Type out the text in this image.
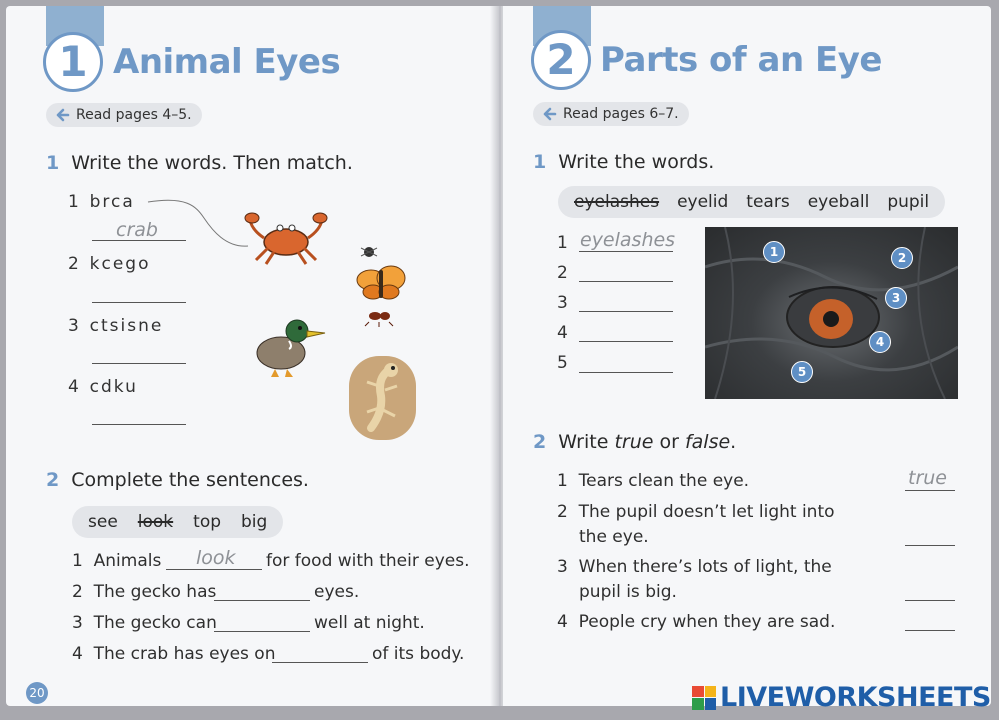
1 Animal Eyes
Read pages 4–5.
1 Write the words. Then match.
1 brca
crab
2 kcego
3 ctsisne
4 cdku
2 Complete the sentences.
see look top big
1 Animals look for food with their eyes.
2 The gecko has	eyes.
3 The gecko can	well at night.
4 The crab has eyes on	of its body.
20
2 Parts of an Eye
Read pages 6–7.
1 Write the words.
eyelashes eyelid tears eyeball pupil
1 eyelashes
2
3
4
5
2 Write true or false.
1 Tears clean the eye.	true
2 The pupil doesn’t let light into
the eye.
3 When there’s lots of light, the
pupil is big.
4 People cry when they are sad.
1	2
3
4
5
LIVEWORKSHEETS
